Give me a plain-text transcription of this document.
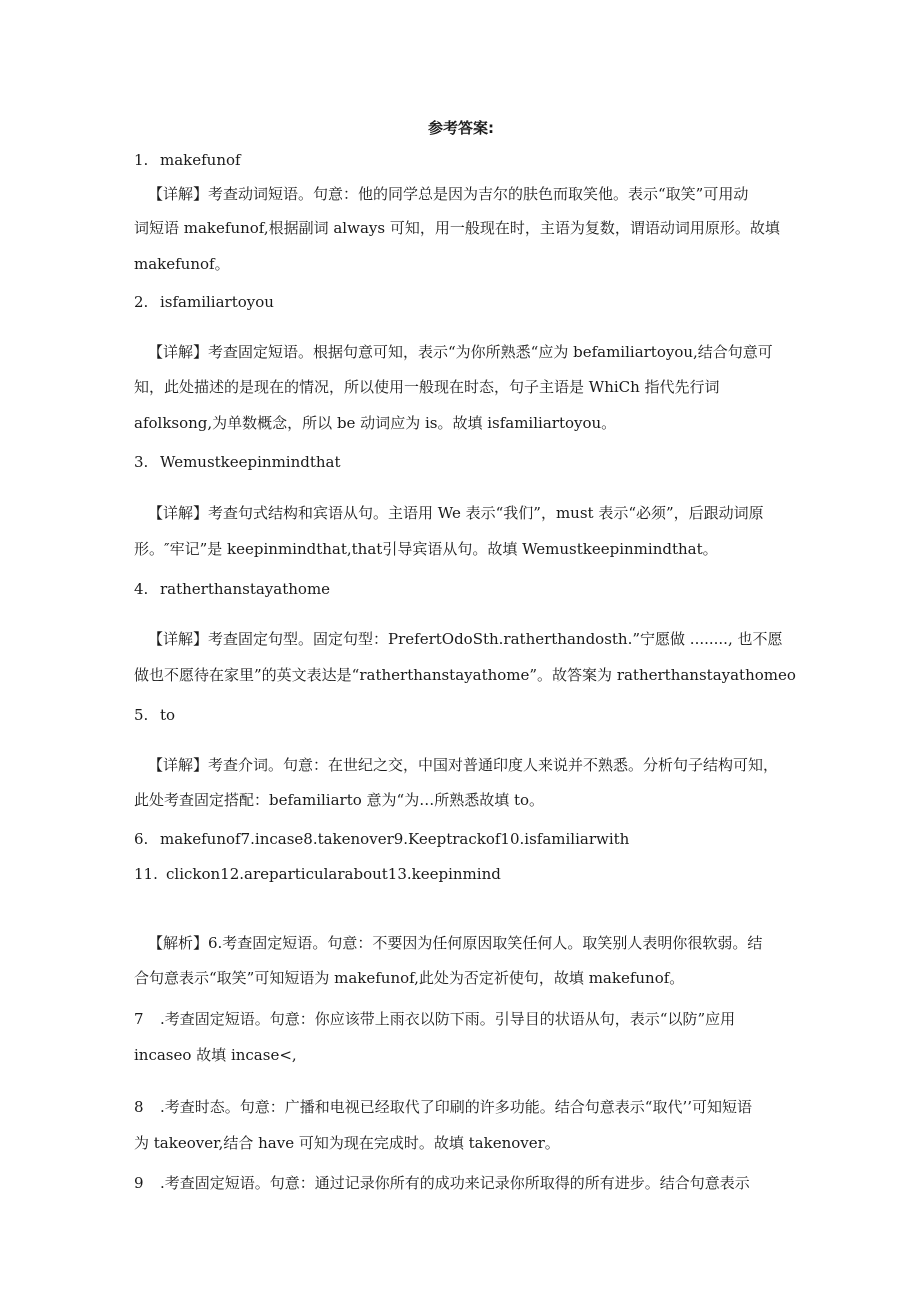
参考答案:
1. makefunof
【详解】考查动词短语。句意：他的同学总是因为吉尔的肤色而取笑他。表示“取笑”可用动
词短语 makefunof,根据副词 always 可知，用一般现在时，主语为复数，谓语动词用原形。故填
makefunof。
2. isfamiliartoyou
【详解】考查固定短语。根据句意可知，表示“为你所熟悉“应为 befamiliartoyou,结合句意可
知，此处描述的是现在的情况，所以使用一般现在时态，句子主语是 WhiCh 指代先行词
afolksong,为单数概念，所以 be 动词应为 is。故填 isfamiliartoyou。
3. Wemustkeepinmindthat
【详解】考查句式结构和宾语从句。主语用 We 表示“我们”，must 表示“必须”，后跟动词原
形。″牢记”是 keepinmindthat,that引导宾语从句。故填 Wemustkeepinmindthat。
4. ratherthanstayathome
【详解】考查固定句型。固定句型：PrefertOdoSth.ratherthandosth.”宁愿做 ........, 也不愿
做也不愿待在家里”的英文表达是“ratherthanstayathome”。故答案为 ratherthanstayathomeo
5. to
【详解】考查介词。句意：在世纪之交，中国对普通印度人来说并不熟悉。分析句子结构可知，
此处考查固定搭配：befamiliarto 意为“为…所熟悉故填 to。
6. makefunof7.incase8.takenover9.Keeptrackof10.isfamiliarwith
11. clickon12.areparticularabout13.keepinmind
【解析】6.考查固定短语。句意：不要因为任何原因取笑任何人。取笑别人表明你很软弱。结
合句意表示“取笑”可知短语为 makefunof,此处为否定祈使句，故填 makefunof。
7 .考查固定短语。句意：你应该带上雨衣以防下雨。引导目的状语从句，表示“以防”应用
incaseo 故填 incase<,
8 .考查时态。句意：广播和电视已经取代了印刷的许多功能。结合句意表示“取代’’可知短语
为 takeover,结合 have 可知为现在完成时。故填 takenover。
9 .考查固定短语。句意：通过记录你所有的成功来记录你所取得的所有进步。结合句意表示
